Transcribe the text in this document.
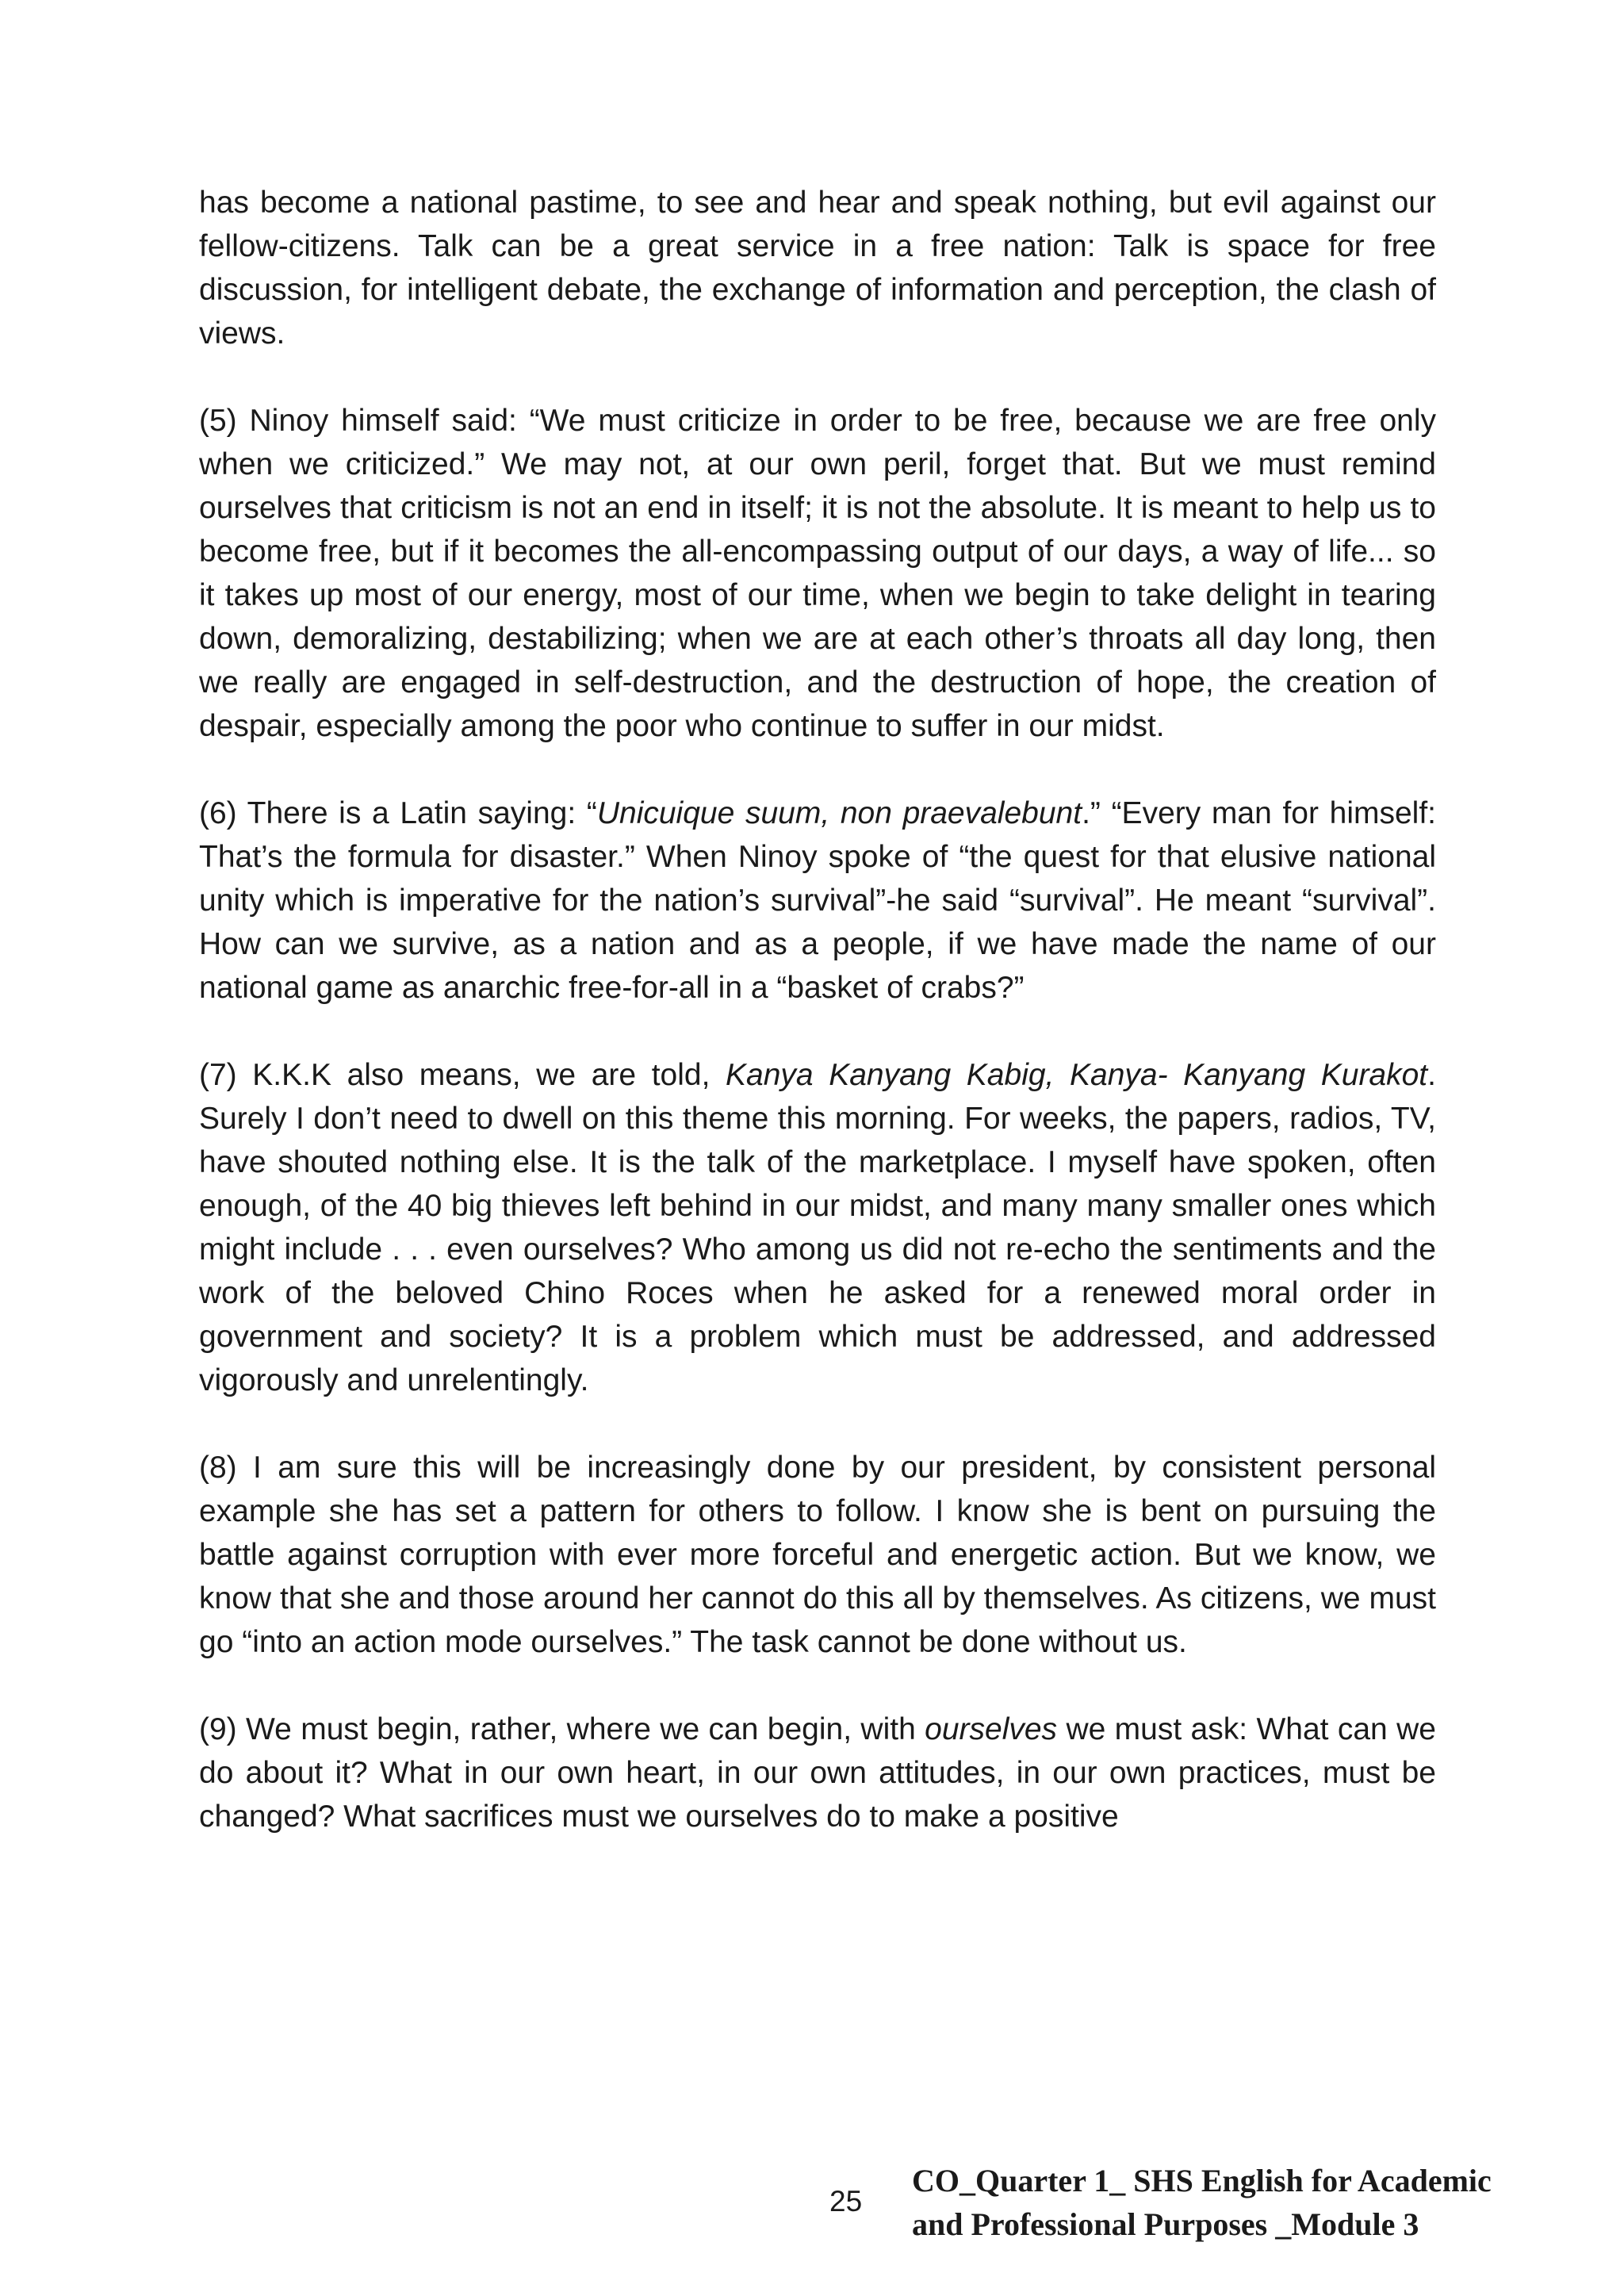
has become a national pastime, to see and hear and speak nothing, but evil against our fellow-citizens. Talk can be a great service in a free nation: Talk is space for free discussion, for intelligent debate, the exchange of information and perception, the clash of views.

(5) Ninoy himself said: “We must criticize in order to be free, because we are free only when we criticized.” We may not, at our own peril, forget that. But we must remind ourselves that criticism is not an end in itself; it is not the absolute. It is meant to help us to become free, but if it becomes the all-encompassing output of our days, a way of life... so it takes up most of our energy, most of our time, when we begin to take delight in tearing down, demoralizing, destabilizing; when we are at each other’s throats all day long, then we really are engaged in self-destruction, and the destruction of hope, the creation of despair, especially among the poor who continue to suffer in our midst.

(6) There is a Latin saying: “Unicuique suum, non praevalebunt.” “Every man for himself: That’s the formula for disaster.” When Ninoy spoke of “the quest for that elusive national unity which is imperative for the nation’s survival”-he said “survival”. He meant “survival”. How can we survive, as a nation and as a people, if we have made the name of our national game as anarchic free-for-all in a “basket of crabs?”

(7) K.K.K also means, we are told, Kanya Kanyang Kabig, Kanya- Kanyang Kurakot. Surely I don’t need to dwell on this theme this morning. For weeks, the papers, radios, TV, have shouted nothing else. It is the talk of the marketplace. I myself have spoken, often enough, of the 40 big thieves left behind in our midst, and many many smaller ones which might include . . . even ourselves? Who among us did not re-echo the sentiments and the work of the beloved Chino Roces when he asked for a renewed moral order in government and society? It is a problem which must be addressed, and addressed vigorously and unrelentingly.

(8) I am sure this will be increasingly done by our president, by consistent personal example she has set a pattern for others to follow. I know she is bent on pursuing the battle against corruption with ever more forceful and energetic action. But we know, we know that she and those around her cannot do this all by themselves. As citizens, we must go “into an action mode ourselves.” The task cannot be done without us.

(9) We must begin, rather, where we can begin, with ourselves we must ask: What can we do about it? What in our own heart, in our own attitudes, in our own practices, must be changed? What sacrifices must we ourselves do to make a positive

25
CO_Quarter 1_ SHS English for Academic
and Professional Purposes _Module 3
